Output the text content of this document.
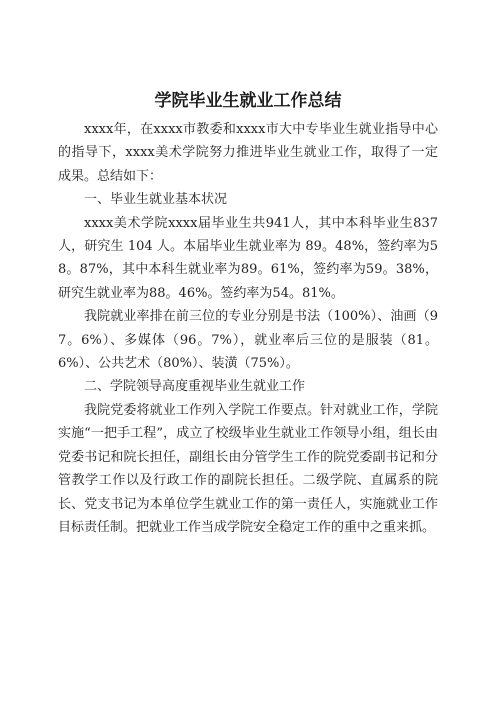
学院毕业生就业工作总结

xxxx年，在xxxx市教委和xxxx市大中专毕业生就业指导中心的指导下，xxxx美术学院努力推进毕业生就业工作，取得了一定成果。总结如下：

一、毕业生就业基本状况

xxxx美术学院xxxx届毕业生共941人，其中本科毕业生837人，研究生 104 人。本届毕业生就业率为 89。48%，签约率为58。87%，其中本科生就业率为89。61%，签约率为59。38%，研究生就业率为88。46%。签约率为54。81%。

我院就业率排在前三位的专业分别是书法（100%）、油画（97。6%）、多媒体（96。7%），就业率后三位的是服装（81。6%）、公共艺术（80%）、装潢（75%）。

二、学院领导高度重视毕业生就业工作

我院党委将就业工作列入学院工作要点。针对就业工作，学院实施“一把手工程”，成立了校级毕业生就业工作领导小组，组长由党委书记和院长担任，副组长由分管学生工作的院党委副书记和分管教学工作以及行政工作的副院长担任。二级学院、直属系的院长、党支书记为本单位学生就业工作的第一责任人，实施就业工作目标责任制。把就业工作当成学院安全稳定工作的重中之重来抓。
